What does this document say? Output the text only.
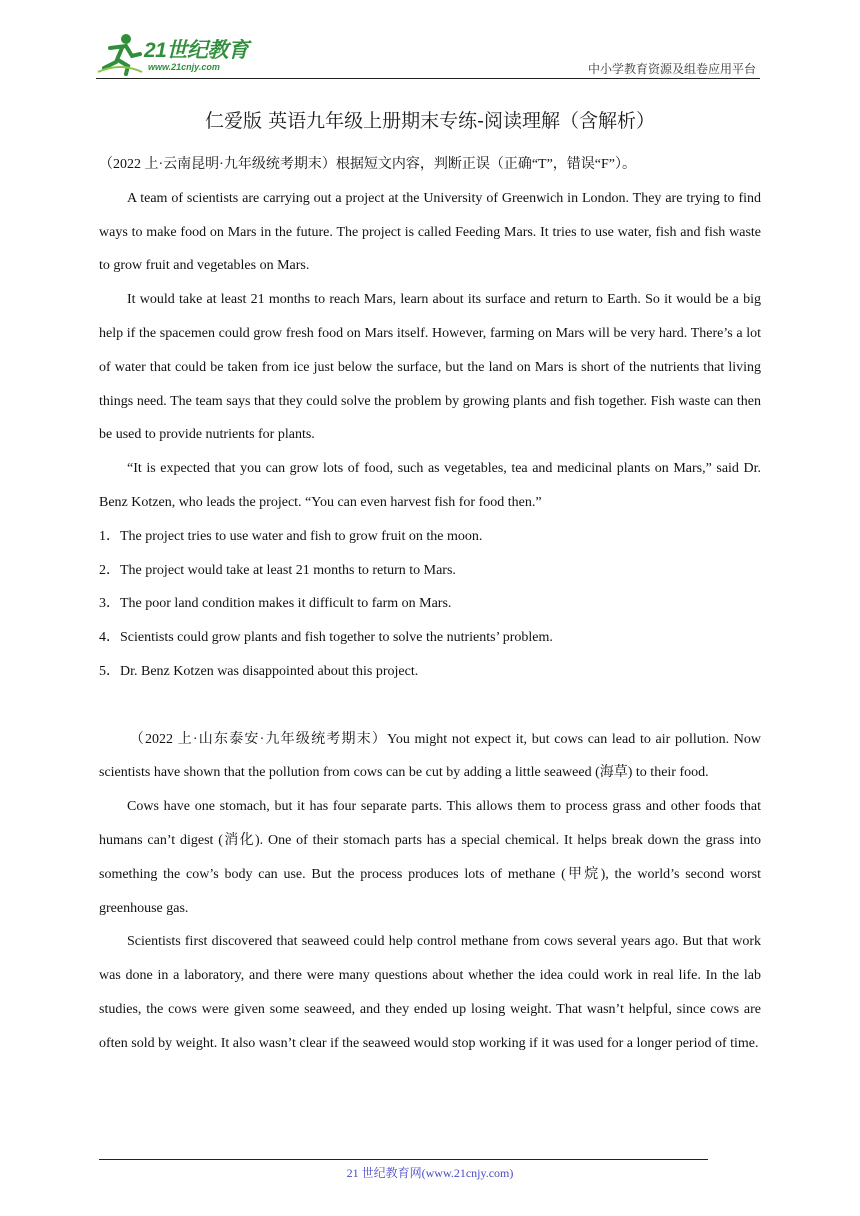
21世纪教育
www.21cnjy.com	中小学教育资源及组卷应用平台
仁爱版 英语九年级上册期末专练-阅读理解（含解析）

（2022 上·云南昆明·九年级统考期末）根据短文内容，判断正误（正确“T”，错误“F”）。

A team of scientists are carrying out a project at the University of Greenwich in London. They are trying to find ways to make food on Mars in the future. The project is called Feeding Mars. It tries to use water, fish and fish waste to grow fruit and vegetables on Mars.

It would take at least 21 months to reach Mars, learn about its surface and return to Earth. So it would be a big help if the spacemen could grow fresh food on Mars itself. However, farming on Mars will be very hard. There’s a lot of water that could be taken from ice just below the surface, but the land on Mars is short of the nutrients that living things need. The team says that they could solve the problem by growing plants and fish together. Fish waste can then be used to provide nutrients for plants.

“It is expected that you can grow lots of food, such as vegetables, tea and medicinal plants on Mars,” said Dr. Benz Kotzen, who leads the project. “You can even harvest fish for food then.”

1． The project tries to use water and fish to grow fruit on the moon.
2． The project would take at least 21 months to return to Mars.
3． The poor land condition makes it difficult to farm on Mars.
4． Scientists could grow plants and fish together to solve the nutrients’ problem.
5． Dr. Benz Kotzen was disappointed about this project.

（2022 上·山东泰安·九年级统考期末）You might not expect it, but cows can lead to air pollution. Now scientists have shown that the pollution from cows can be cut by adding a little seaweed (海草) to their food.

Cows have one stomach, but it has four separate parts. This allows them to process grass and other foods that humans can’t digest (消化). One of their stomach parts has a special chemical. It helps break down the grass into something the cow’s body can use. But the process produces lots of methane (甲烷), the world’s second worst greenhouse gas.

Scientists first discovered that seaweed could help control methane from cows several years ago. But that work was done in a laboratory, and there were many questions about whether the idea could work in real life. In the lab studies, the cows were given some seaweed, and they ended up losing weight. That wasn’t helpful, since cows are often sold by weight. It also wasn’t clear if the seaweed would stop working if it was used for a longer period of time.

21 世纪教育网(www.21cnjy.com)
